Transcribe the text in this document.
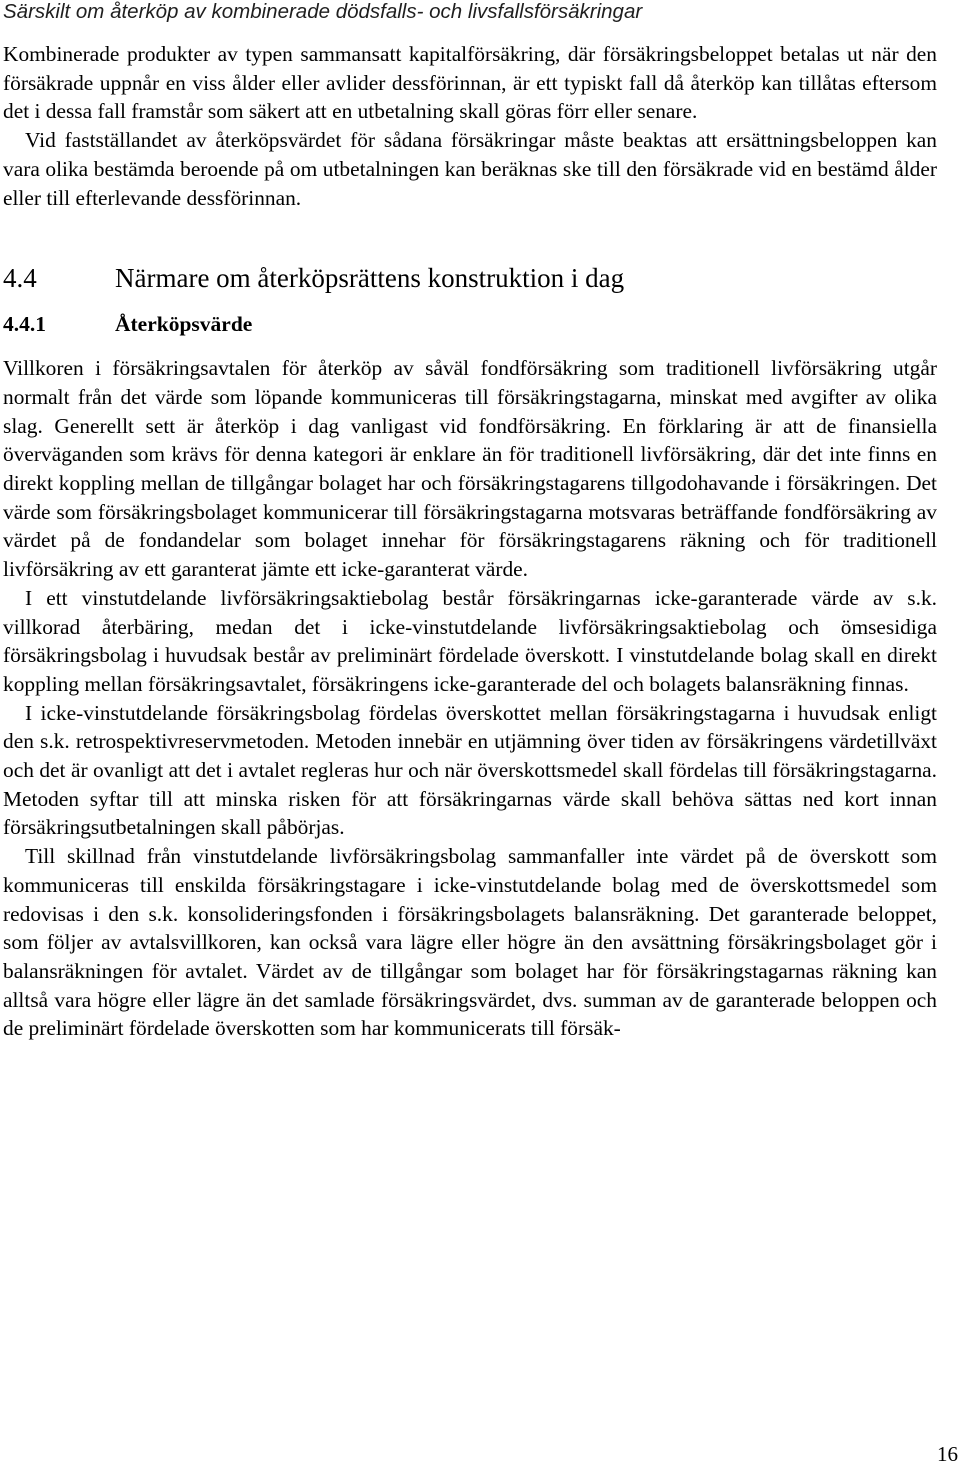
Särskilt om återköp av kombinerade dödsfalls- och livsfallsförsäkringar

Kombinerade produkter av typen sammansatt kapitalförsäkring, där försäkringsbeloppet betalas ut när den försäkrade uppnår en viss ålder eller avlider dessförinnan, är ett typiskt fall då återköp kan tillåtas eftersom det i dessa fall framstår som säkert att en utbetalning skall göras förr eller senare.

Vid fastställandet av återköpsvärdet för sådana försäkringar måste beaktas att ersättningsbeloppen kan vara olika bestämda beroende på om utbetalningen kan beräknas ske till den försäkrade vid en bestämd ålder eller till efterlevande dessförinnan.

4.4	Närmare om återköpsrättens konstruktion i dag
4.4.1	Återköpsvärde

Villkoren i försäkringsavtalen för återköp av såväl fondförsäkring som traditionell livförsäkring utgår normalt från det värde som löpande kommuniceras till försäkringstagarna, minskat med avgifter av olika slag. Generellt sett är återköp i dag vanligast vid fondförsäkring. En förklaring är att de finansiella överväganden som krävs för denna kategori är enklare än för traditionell livförsäkring, där det inte finns en direkt koppling mellan de tillgångar bolaget har och försäkringstagarens tillgodohavande i försäkringen. Det värde som försäkringsbolaget kommunicerar till försäkringstagarna motsvaras beträffande fondförsäkring av värdet på de fondandelar som bolaget innehar för försäkringstagarens räkning och för traditionell livförsäkring av ett garanterat jämte ett icke-garanterat värde.

I ett vinstutdelande livförsäkringsaktiebolag består försäkringarnas icke-garanterade värde av s.k. villkorad återbäring, medan det i icke-vinstutdelande livförsäkringsaktiebolag och ömsesidiga försäkringsbolag i huvudsak består av preliminärt fördelade överskott. I vinstutdelande bolag skall en direkt koppling mellan försäkringsavtalet, försäkringens icke-garanterade del och bolagets balansräkning finnas.

I icke-vinstutdelande försäkringsbolag fördelas överskottet mellan försäkringstagarna i huvudsak enligt den s.k. retrospektivreservmetoden. Metoden innebär en utjämning över tiden av försäkringens värdetillväxt och det är ovanligt att det i avtalet regleras hur och när överskottsmedel skall fördelas till försäkringstagarna. Metoden syftar till att minska risken för att försäkringarnas värde skall behöva sättas ned kort innan försäkringsutbetalningen skall påbörjas.

Till skillnad från vinstutdelande livförsäkringsbolag sammanfaller inte värdet på de överskott som kommuniceras till enskilda försäkringstagare i icke-vinstutdelande bolag med de överskottsmedel som redovisas i den s.k. konsolideringsfonden i försäkringsbolagets balansräkning. Det garanterade beloppet, som följer av avtalsvillkoren, kan också vara lägre eller högre än den avsättning försäkringsbolaget gör i balansräkningen för avtalet. Värdet av de tillgångar som bolaget har för försäkringstagarnas räkning kan alltså vara högre eller lägre än det samlade försäkringsvärdet, dvs. summan av de garanterade beloppen och de preliminärt fördelade överskotten som har kommunicerats till försäk-

16
